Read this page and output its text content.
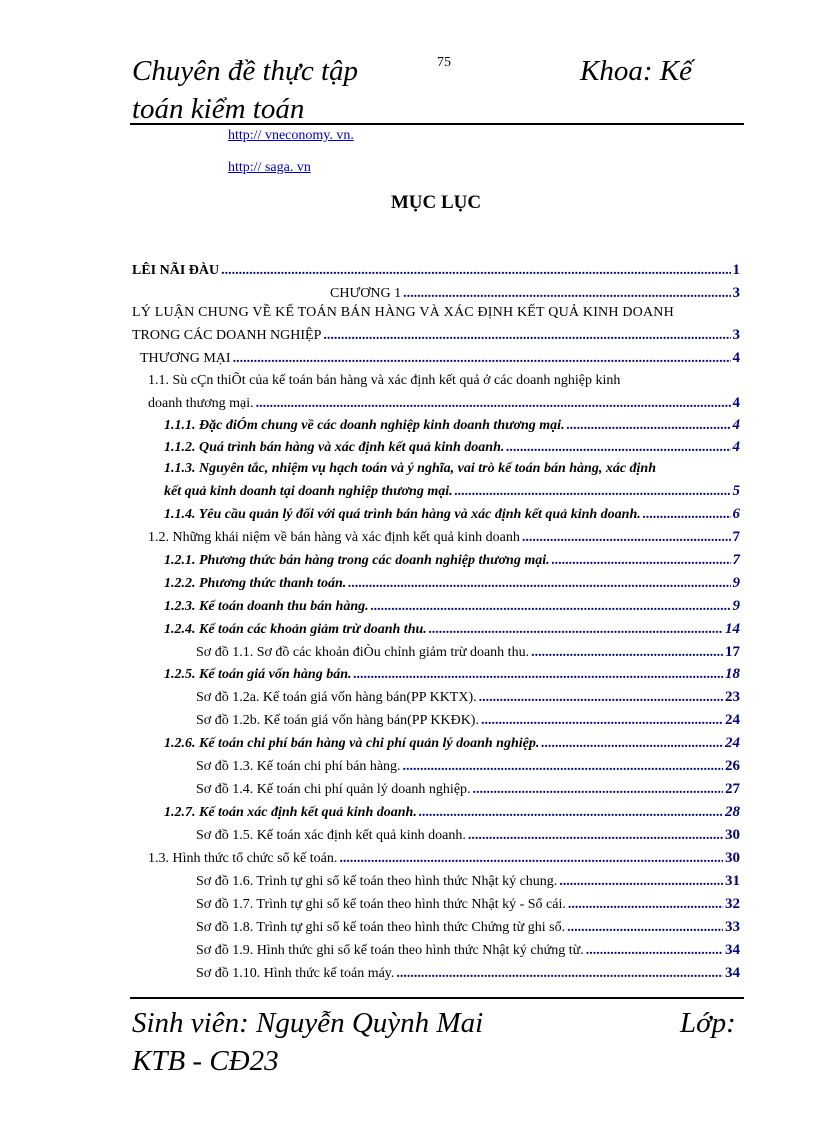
Chuyên đề thực tập
toán kiểm toán
75	Khoa: Kế
http:// vneconomy. vn.
http:// saga. vn
MỤC LỤC
LÊI NÃI ĐÀU .....	1
CHƯƠNG 1 .....	3
LÝ LUẬN CHUNG VỀ KẾ TOÁN BÁN HÀNG VÀ XÁC ĐỊNH KẾT QUẢ KINH DOANH
TRONG CÁC DOANH NGHIỆP .....	3
THƯƠNG MẠI .....	4
1.1. Sù cÇn thiÕt của kế toán bán hàng và xác định kết quả ở các doanh nghiệp kinh
doanh thương mại. .....	4
1.1.1. Đặc điÓm chung về các doanh nghiệp kinh doanh thương mại. .....	4
1.1.2. Quá trình bán hàng và xác định kết quả kinh doanh. .....	4
1.1.3. Nguyên tắc, nhiệm vụ hạch toán và ý nghĩa, vai trò kế toán bán hàng, xác định
kết quả kinh doanh tại doanh nghiệp thương mại. .....	5
1.1.4. Yêu cầu quản lý đối với quá trình bán hàng và xác định kết quả kinh doanh. .....	6
1.2. Những khái niệm về bán hàng và xác định kết quả kinh doanh .....	7
1.2.1. Phương thức bán hàng trong các doanh nghiệp thương mại. .....	7
1.2.2. Phương thức thanh toán. .....	9
1.2.3. Kế toán doanh thu bán hàng. .....	9
1.2.4. Kế toán các khoản giảm trừ doanh thu. .....	14
Sơ đồ 1.1. Sơ đồ các khoản điÒu chỉnh giảm trừ doanh thu. .....	17
1.2.5. Kế toán giá vốn hàng bán. .....	18
Sơ đồ 1.2a. Kế toán giá vốn hàng bán(PP KKTX). .....	23
Sơ đồ 1.2b. Kế toán giá vốn hàng bán(PP KKĐK). .....	24
1.2.6. Kế toán chi phí bán hàng và chi phí quản lý doanh nghiệp. .....	24
Sơ đồ 1.3. Kế toán chi phí bán hàng. .....	26
Sơ đồ 1.4. Kế toán chi phí quản lý doanh nghiệp. .....	27
1.2.7. Kế toán xác định kết quả kinh doanh. .....	28
Sơ đồ 1.5. Kế toán xác định kết quả kinh doanh. .....	30
1.3. Hình thức tổ chức sổ kế toán. .....	30
Sơ đồ 1.6. Trình tự ghi sổ kế toán theo hình thức Nhật ký chung. .....	31
Sơ đồ 1.7. Trình tự ghi sổ kế toán theo hình thức Nhật ký - Sổ cái. .....	32
Sơ đồ 1.8. Trình tự ghi sổ kế toán theo hình thức Chứng từ ghi sổ. .....	33
Sơ đồ 1.9. Hình thức ghi sổ kế toán theo hình thức Nhật ký chứng từ. .....	34
Sơ đồ 1.10. Hình thức kế toán máy. .....	34
Sinh viên: Nguyễn Quỳnh Mai	Lớp:
KTB - CĐ23
